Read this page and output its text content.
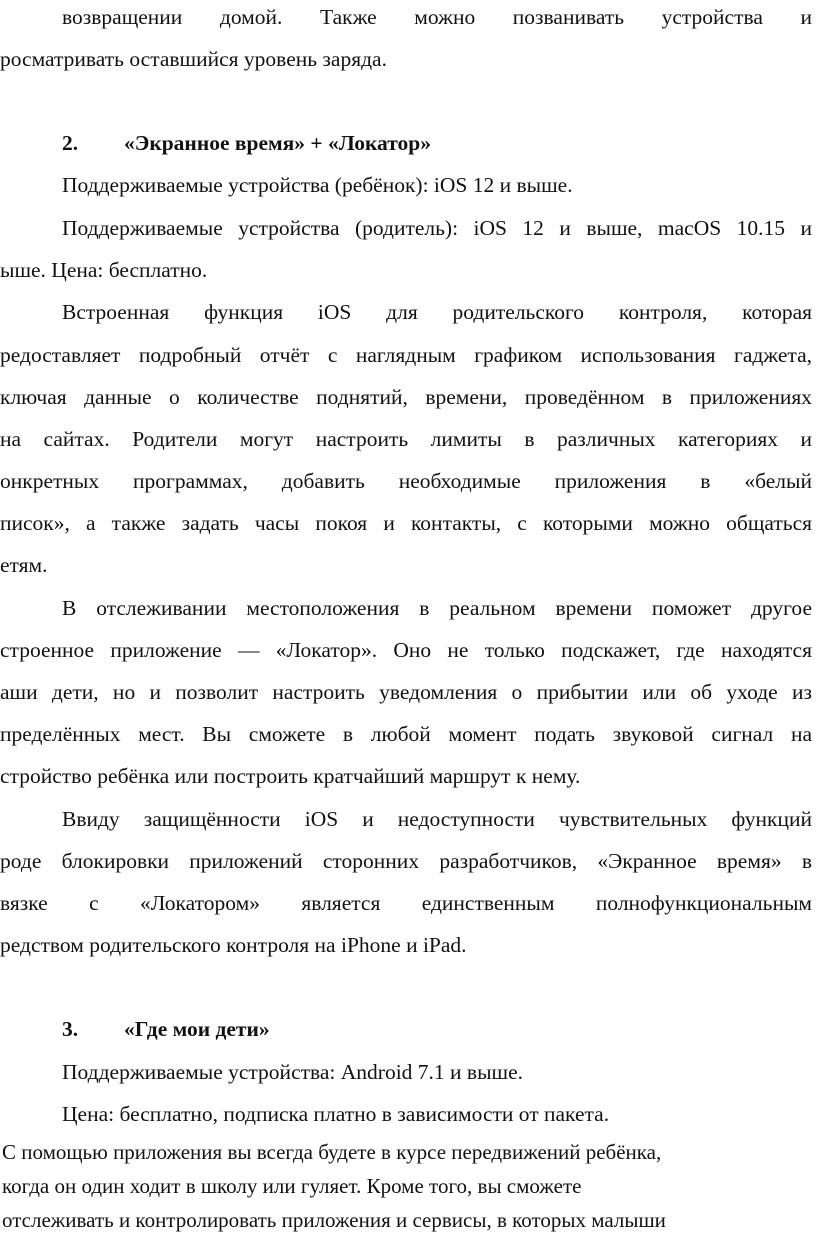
возвращении домой. Также можно позванивать устройства и
росматривать оставшийся уровень заряда.
2. «Экранное время» + «Локатор»
Поддерживаемые устройства (ребёнок): iOS 12 и выше.
Поддерживаемые устройства (родитель): iOS 12 и выше, macOS 10.15 и
ыше. Цена: бесплатно.
Встроенная функция iOS для родительского контроля, которая
редоставляет подробный отчёт с наглядным графиком использования гаджета,
ключая данные о количестве поднятий, времени, проведённом в приложениях
на сайтах. Родители могут настроить лимиты в различных категориях и
онкретных программах, добавить необходимые приложения в «белый
писок», а также задать часы покоя и контакты, с которыми можно общаться
етям.
В отслеживании местоположения в реальном времени поможет другое
строенное приложение — «Локатор». Оно не только подскажет, где находятся
аши дети, но и позволит настроить уведомления о прибытии или об уходе из
пределённых мест. Вы сможете в любой момент подать звуковой сигнал на
стройство ребёнка или построить кратчайший маршрут к нему.
Ввиду защищённости iOS и недоступности чувствительных функций
роде блокировки приложений сторонних разработчиков, «Экранное время» в
вязке с «Локатором» является единственным полнофункциональным
редством родительского контроля на iPhone и iPad.
3. «Где мои дети»
Поддерживаемые устройства: Android 7.1 и выше.
Цена: бесплатно, подписка платно в зависимости от пакета.
С помощью приложения вы всегда будете в курсе передвижений ребёнка,
когда он один ходит в школу или гуляет. Кроме того, вы сможете
отслеживать и контролировать приложения и сервисы, в которых малыши
